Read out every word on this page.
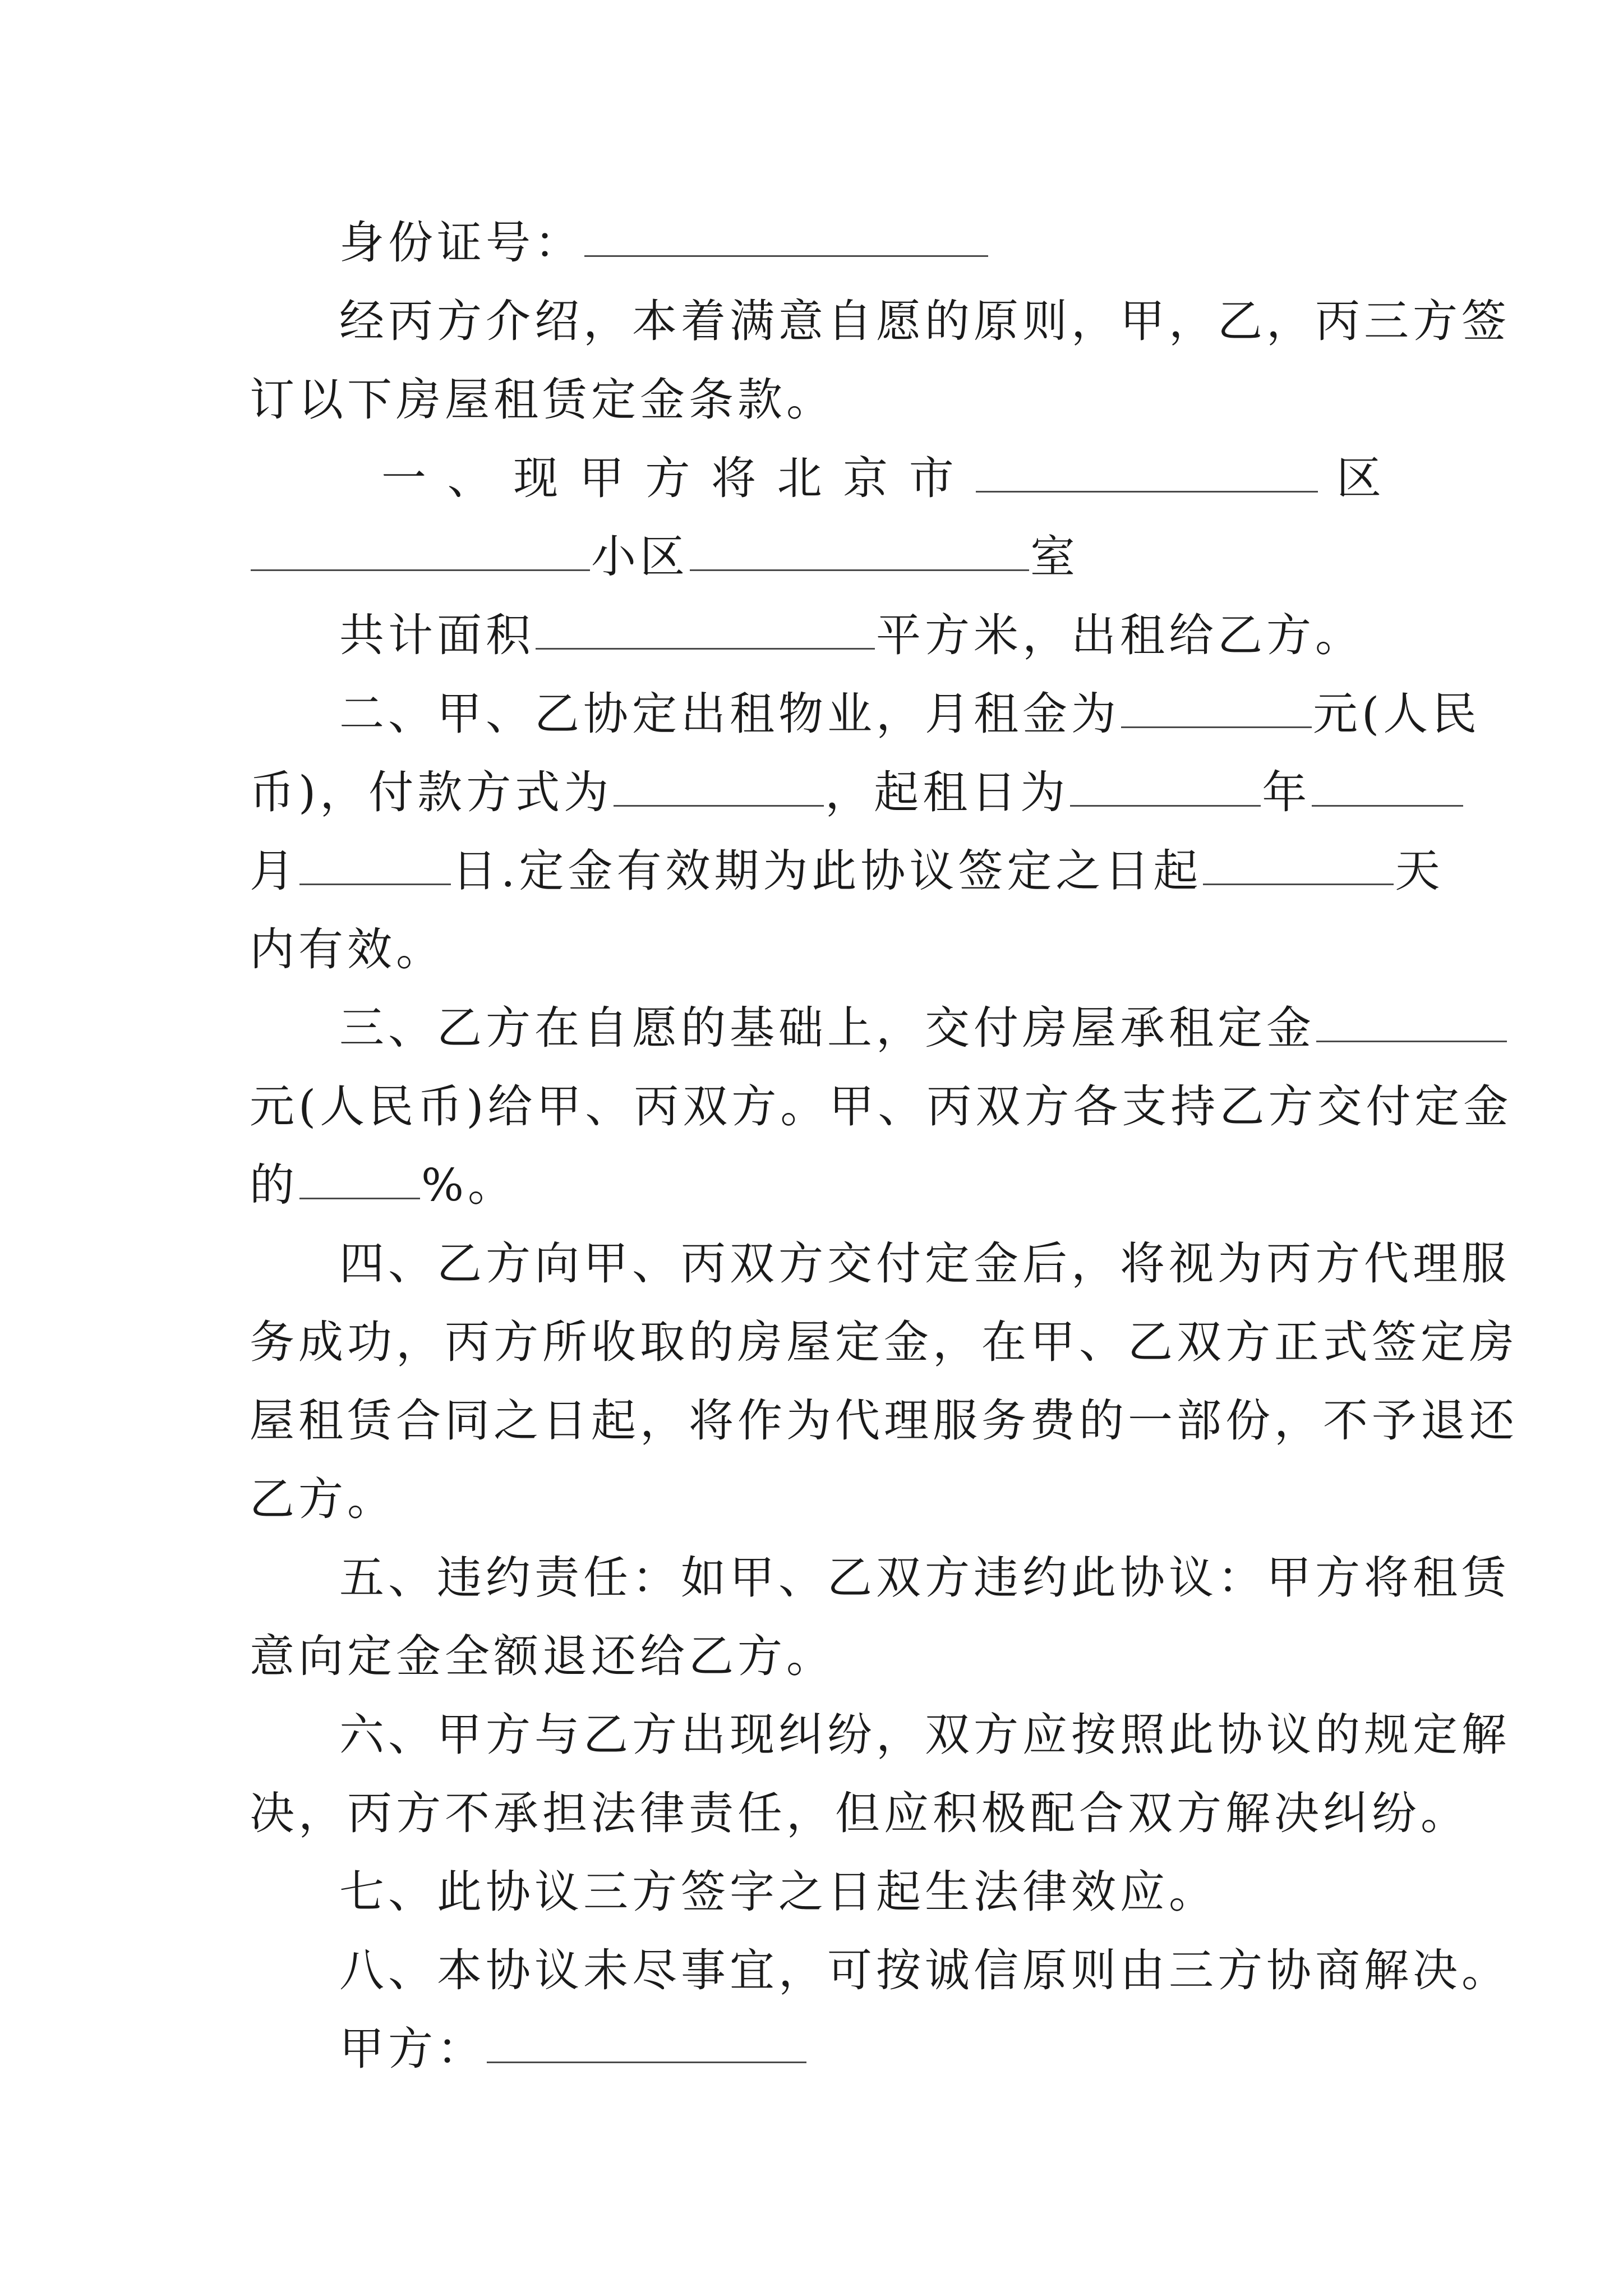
身份证号：
经丙方介绍，本着满意自愿的原则，甲，乙，丙三方签
订以下房屋租赁定金条款。
一 、 现 甲 方 将 北 京 市	区
小区	室
共计面积	平方米，出租给乙方。
二、甲、乙协定出租物业，月租金为	元(人民
币)，付款方式为	，起租日为	年
月	日.定金有效期为此协议签定之日起	天
内有效。
三、乙方在自愿的基础上，交付房屋承租定金
元(人民币)给甲、丙双方。甲、丙双方各支持乙方交付定金
的	%。
四、乙方向甲、丙双方交付定金后，将视为丙方代理服
务成功，丙方所收取的房屋定金，在甲、乙双方正式签定房
屋租赁合同之日起，将作为代理服务费的一部份，不予退还
乙方。
五、违约责任：如甲、乙双方违约此协议：甲方将租赁
意向定金全额退还给乙方。
六、甲方与乙方出现纠纷，双方应按照此协议的规定解
决，丙方不承担法律责任，但应积极配合双方解决纠纷。
七、此协议三方签字之日起生法律效应。
八、本协议未尽事宜，可按诚信原则由三方协商解决。
甲方：
